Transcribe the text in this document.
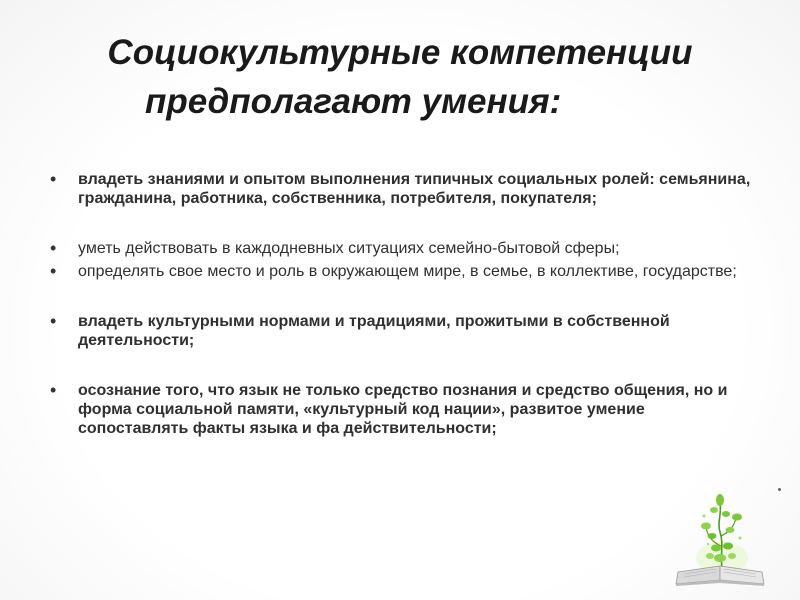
Социокультурные компетенции
предполагают умения:
• владеть знаниями и опытом выполнения типичных социальных ролей: семьянина, гражданина, работника, собственника, потребителя, покупателя;
• уметь действовать в каждодневных ситуациях семейно-бытовой сферы;
• определять свое место и роль в окружающем мире, в семье, в коллективе, государстве;
• владеть культурными нормами и традициями, прожитыми в собственной деятельности;
• осознание того, что язык не только средство познания и средство общения, но и форма социальной памяти, «культурный код нации», развитое умение сопоставлять факты языка и фа действительности;
